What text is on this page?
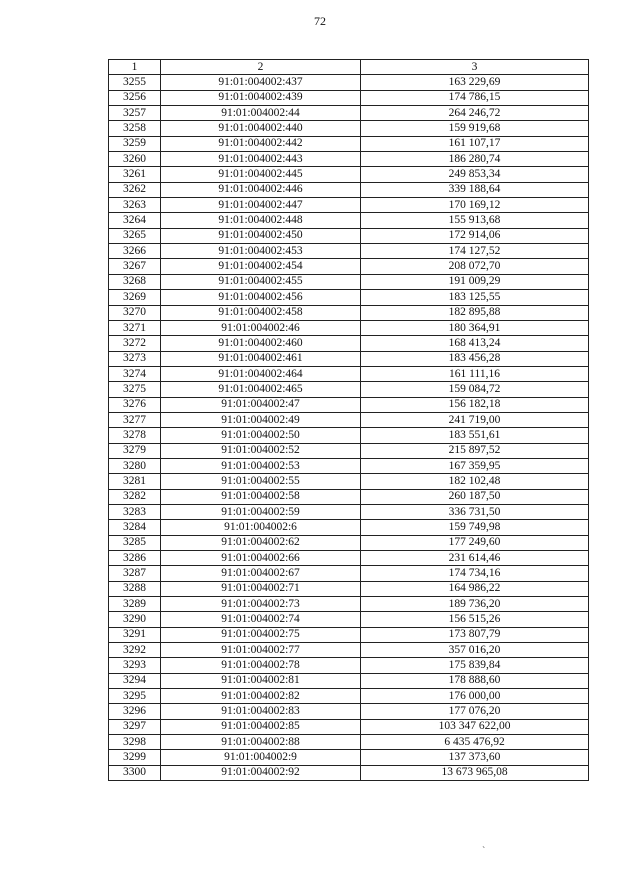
72
1	2	3
3255	91:01:004002:437	163 229,69
3256	91:01:004002:439	174 786,15
3257	91:01:004002:44	264 246,72
3258	91:01:004002:440	159 919,68
3259	91:01:004002:442	161 107,17
3260	91:01:004002:443	186 280,74
3261	91:01:004002:445	249 853,34
3262	91:01:004002:446	339 188,64
3263	91:01:004002:447	170 169,12
3264	91:01:004002:448	155 913,68
3265	91:01:004002:450	172 914,06
3266	91:01:004002:453	174 127,52
3267	91:01:004002:454	208 072,70
3268	91:01:004002:455	191 009,29
3269	91:01:004002:456	183 125,55
3270	91:01:004002:458	182 895,88
3271	91:01:004002:46	180 364,91
3272	91:01:004002:460	168 413,24
3273	91:01:004002:461	183 456,28
3274	91:01:004002:464	161 111,16
3275	91:01:004002:465	159 084,72
3276	91:01:004002:47	156 182,18
3277	91:01:004002:49	241 719,00
3278	91:01:004002:50	183 551,61
3279	91:01:004002:52	215 897,52
3280	91:01:004002:53	167 359,95
3281	91:01:004002:55	182 102,48
3282	91:01:004002:58	260 187,50
3283	91:01:004002:59	336 731,50
3284	91:01:004002:6	159 749,98
3285	91:01:004002:62	177 249,60
3286	91:01:004002:66	231 614,46
3287	91:01:004002:67	174 734,16
3288	91:01:004002:71	164 986,22
3289	91:01:004002:73	189 736,20
3290	91:01:004002:74	156 515,26
3291	91:01:004002:75	173 807,79
3292	91:01:004002:77	357 016,20
3293	91:01:004002:78	175 839,84
3294	91:01:004002:81	178 888,60
3295	91:01:004002:82	176 000,00
3296	91:01:004002:83	177 076,20
3297	91:01:004002:85	103 347 622,00
3298	91:01:004002:88	6 435 476,92
3299	91:01:004002:9	137 373,60
3300	91:01:004002:92	13 673 965,08
`
